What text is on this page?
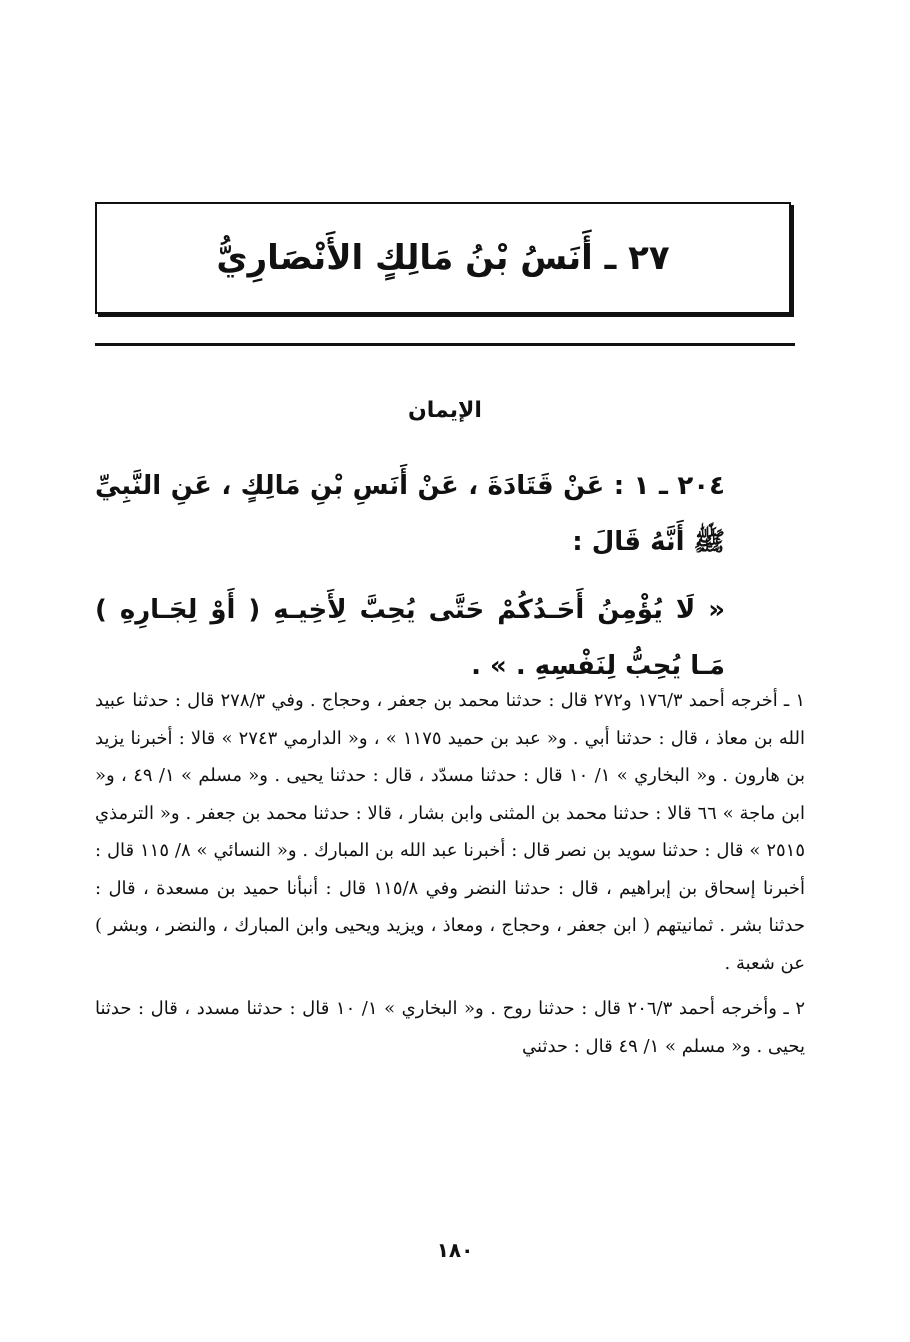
٢٧ ـ أَنَسُ بْنُ مَالِكٍ الأَنْصَارِيُّ
الإيمان

٢٠٤ ـ ١ : عَنْ قَتَادَةَ ، عَنْ أَنَسِ بْنِ مَالِكٍ ، عَنِ النَّبِيِّ ﷺ أَنَّهُ قَالَ :

« لَا يُؤْمِنُ أَحَـدُكُمْ حَتَّى يُحِبَّ لِأَخِيـهِ ( أَوْ لِجَـارِهِ ) مَـا يُحِبُّ لِنَفْسِهِ . » .

١ ـ أخرجه أحمد ١٧٦/٣ و٢٧٢ قال : حدثنا محمد بن جعفر ، وحجاج . وفي ٢٧٨/٣ قال : حدثنا عبيد الله بن معاذ ، قال : حدثنا أبي . و« عبد بن حميد ١١٧٥ » ، و« الدارمي ٢٧٤٣ » قالا : أخبرنا يزيد بن هارون . و« البخاري » ١/ ١٠ قال : حدثنا مسدّد ، قال : حدثنا يحيى . و« مسلم » ١/ ٤٩ ، و« ابن ماجة » ٦٦ قالا : حدثنا محمد بن المثنى وابن بشار ، قالا : حدثنا محمد بن جعفر . و« الترمذي ٢٥١٥ » قال : حدثنا سويد بن نصر قال : أخبرنا عبد الله بن المبارك . و« النسائي » ٨/ ١١٥ قال : أخبرنا إسحاق بن إبراهيم ، قال : حدثنا النضر وفي ١١٥/٨ قال : أنبأنا حميد بن مسعدة ، قال : حدثنا بشر . ثمانيتهم ( ابن جعفر ، وحجاج ، ومعاذ ، ويزيد ويحيى وابن المبارك ، والنضر ، وبشر ) عن شعبة .

٢ ـ وأخرجه أحمد ٢٠٦/٣ قال : حدثنا روح . و« البخاري » ١/ ١٠ قال : حدثنا مسدد ، قال : حدثنا يحيى . و« مسلم » ١/ ٤٩ قال : حدثني

١٨٠
